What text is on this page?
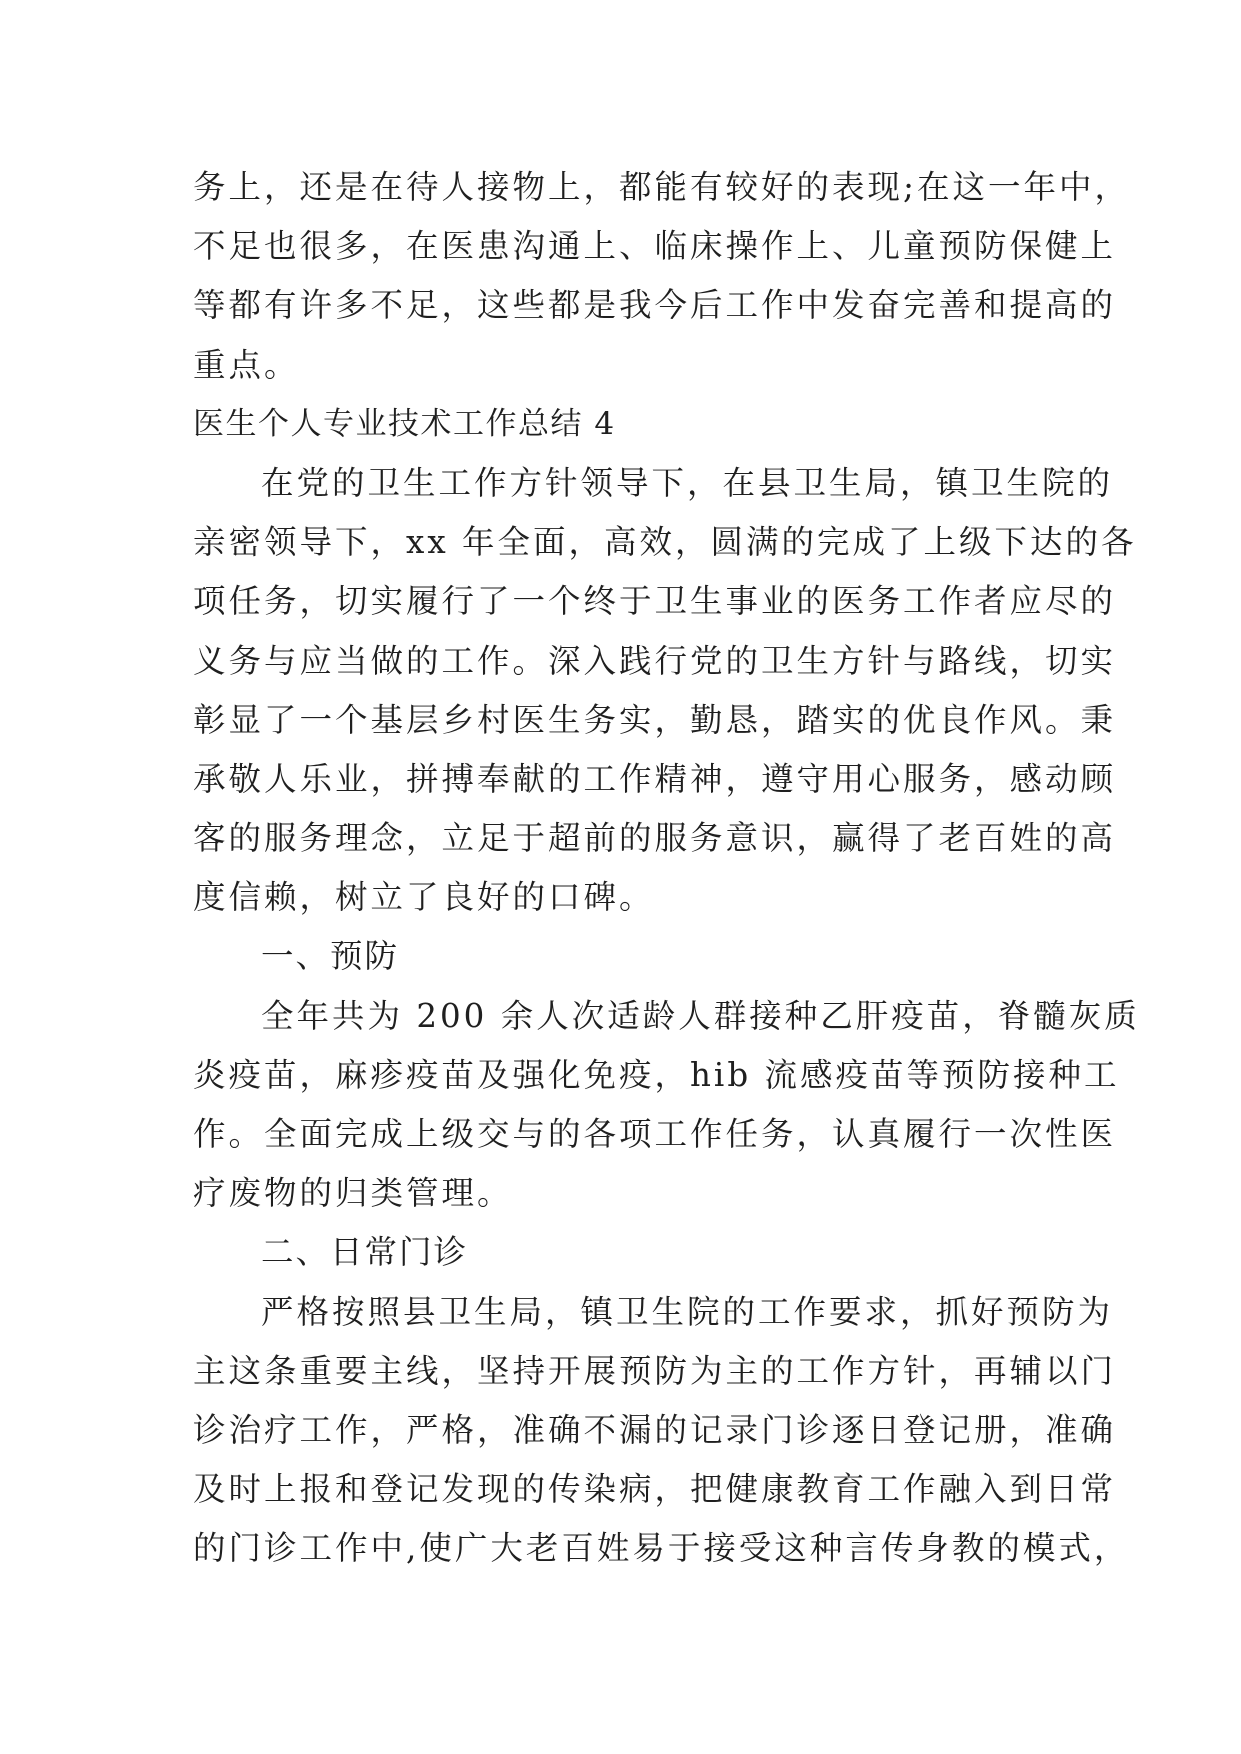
务上，还是在待人接物上，都能有较好的表现;在这一年中，
不足也很多，在医患沟通上、临床操作上、儿童预防保健上
等都有许多不足，这些都是我今后工作中发奋完善和提高的
重点。
医生个人专业技术工作总结 4
在党的卫生工作方针领导下，在县卫生局，镇卫生院的
亲密领导下，xx 年全面，高效，圆满的完成了上级下达的各
项任务，切实履行了一个终于卫生事业的医务工作者应尽的
义务与应当做的工作。深入践行党的卫生方针与路线，切实
彰显了一个基层乡村医生务实，勤恳，踏实的优良作风。秉
承敬人乐业，拼搏奉献的工作精神，遵守用心服务，感动顾
客的服务理念，立足于超前的服务意识，赢得了老百姓的高
度信赖，树立了良好的口碑。
一、预防
全年共为 200 余人次适龄人群接种乙肝疫苗，脊髓灰质
炎疫苗，麻疹疫苗及强化免疫，hib 流感疫苗等预防接种工
作。全面完成上级交与的各项工作任务，认真履行一次性医
疗废物的归类管理。
二、日常门诊
严格按照县卫生局，镇卫生院的工作要求，抓好预防为
主这条重要主线，坚持开展预防为主的工作方针，再辅以门
诊治疗工作，严格，准确不漏的记录门诊逐日登记册，准确
及时上报和登记发现的传染病，把健康教育工作融入到日常
的门诊工作中,使广大老百姓易于接受这种言传身教的模式，
